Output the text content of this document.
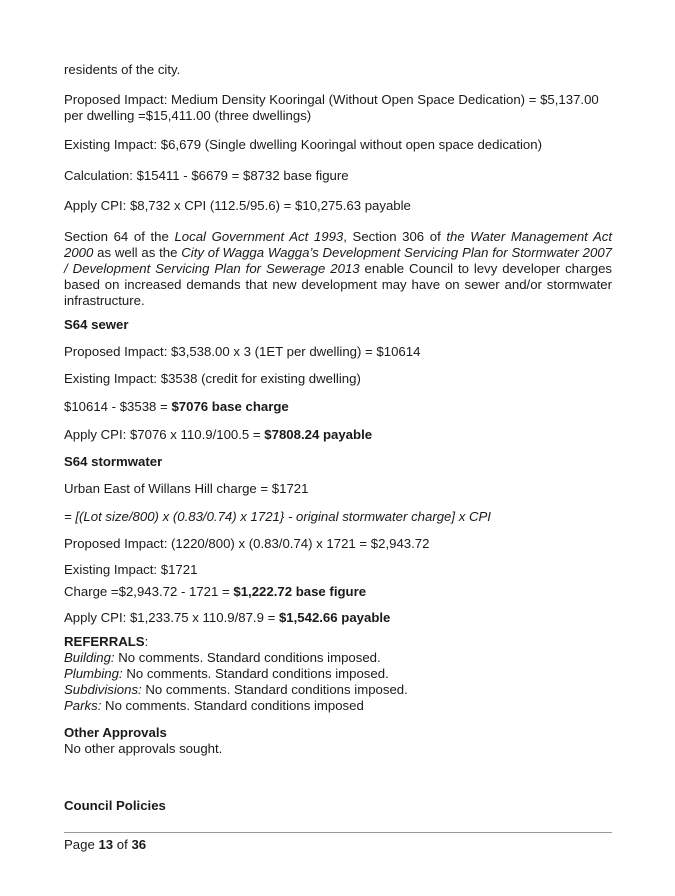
residents of the city.
Proposed Impact: Medium Density Kooringal (Without Open Space Dedication) = $5,137.00
per dwelling =$15,411.00 (three dwellings)
Existing Impact: $6,679 (Single dwelling Kooringal without open space dedication)
Calculation: $15411 - $6679 = $8732 base figure
Apply CPI: $8,732 x CPI (112.5/95.6) = $10,275.63 payable
Section 64 of the Local Government Act 1993, Section 306 of the Water Management Act 2000 as well as the City of Wagga Wagga’s Development Servicing Plan for Stormwater 2007 / Development Servicing Plan for Sewerage 2013 enable Council to levy developer charges based on increased demands that new development may have on sewer and/or stormwater infrastructure.
S64 sewer
Proposed Impact: $3,538.00 x 3 (1ET per dwelling) = $10614
Existing Impact: $3538 (credit for existing dwelling)
$10614 - $3538 = $7076 base charge
Apply CPI: $7076 x 110.9/100.5 = $7808.24 payable
S64 stormwater
Urban East of Willans Hill charge = $1721
= [(Lot size/800) x (0.83/0.74) x 1721} - original stormwater charge] x CPI
Proposed Impact: (1220/800) x (0.83/0.74) x 1721 = $2,943.72
Existing Impact: $1721
Charge =$2,943.72 - 1721 = $1,222.72 base figure
Apply CPI: $1,233.75 x 110.9/87.9 = $1,542.66 payable
REFERRALS:
Building: No comments. Standard conditions imposed.
Plumbing: No comments. Standard conditions imposed.
Subdivisions: No comments. Standard conditions imposed.
Parks: No comments. Standard conditions imposed
Other Approvals
No other approvals sought.
Council Policies
Page 13 of 36
